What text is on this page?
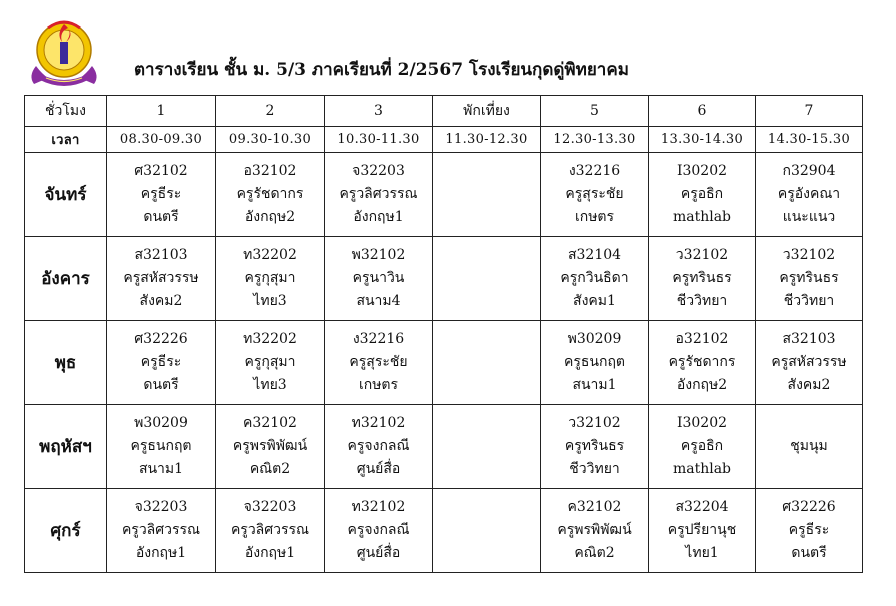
ตารางเรียน ชั้น ม. 5/3 ภาคเรียนที่ 2/2567 โรงเรียนกุดดู่พิทยาคม
ชั่วโมง	1	2	3	พักเที่ยง	5	6	7
เวลา	08.30-09.30	09.30-10.30	10.30-11.30	11.30-12.30	12.30-13.30	13.30-14.30	14.30-15.30
จันทร์	ศ32102
ครูธีระ
ดนตรี	อ32102
ครูรัชดากร
อังกฤษ2	จ32203
ครูวลิศวรรณ
อังกฤษ1		ง32216
ครูสุระชัย
เกษตร	I30202
ครูอธิก
mathlab	ก32904
ครูอังคณา
แนะแนว

อังคาร	ส32103
ครูสหัสวรรษ
สังคม2	ท32202
ครูกุสุมา
ไทย3	พ32102
ครูนาวิน
สนาม4		ส32104
ครูกวินธิดา
สังคม1	ว32102
ครูทรินธร
ชีววิทยา	ว32102
ครูทรินธร
ชีววิทยา

พุธ	ศ32226
ครูธีระ
ดนตรี	ท32202
ครูกุสุมา
ไทย3	ง32216
ครูสุระชัย
เกษตร		พ30209
ครูธนกฤต
สนาม1	อ32102
ครูรัชดากร
อังกฤษ2	ส32103
ครูสหัสวรรษ
สังคม2

พฤหัสฯ	พ30209
ครูธนกฤต
สนาม1	ค32102
ครูพรพิพัฒน์
คณิต2	ท32102
ครูจงกลณี
ศูนย์สื่อ		ว32102
ครูทรินธร
ชีววิทยา	I30202
ครูอธิก
mathlab	ชุมนุม

ศุกร์	จ32203
ครูวลิศวรรณ
อังกฤษ1	จ32203
ครูวลิศวรรณ
อังกฤษ1	ท32102
ครูจงกลณี
ศูนย์สื่อ		ค32102
ครูพรพิพัฒน์
คณิต2	ส32204
ครูปรียานุช
ไทย1	ศ32226
ครูธีระ
ดนตรี
